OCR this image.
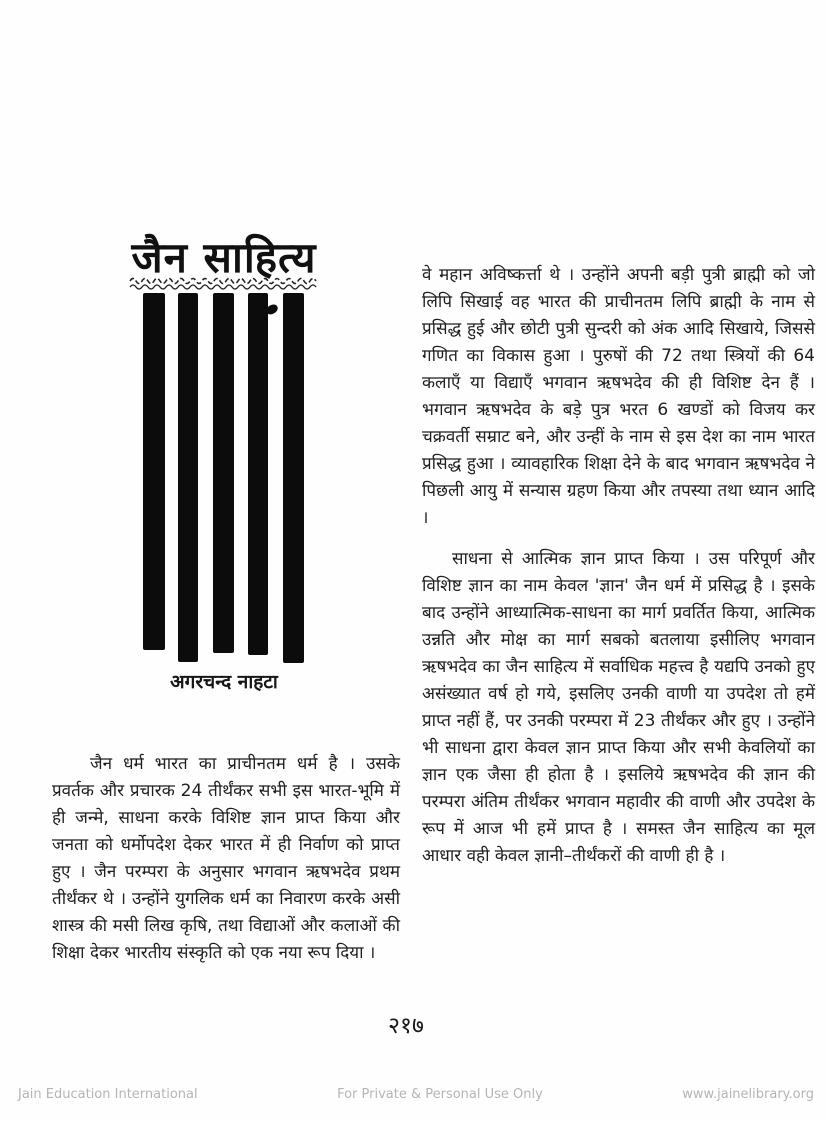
जैन साहित्य
अगरचन्द नाहटा

जैन धर्म भारत का प्राचीनतम धर्म है । उसके प्रवर्तक और प्रचारक 24 तीर्थंकर सभी इस भारत-भूमि में ही जन्मे, साधना करके विशिष्ट ज्ञान प्राप्त किया और जनता को धर्मोपदेश देकर भारत में ही निर्वाण को प्राप्त हुए । जैन परम्परा के अनुसार भगवान ऋषभदेव प्रथम तीर्थंकर थे । उन्होंने युगलिक धर्म का निवारण करके असी शास्त्र की मसी लिख कृषि, तथा विद्याओं और कलाओं की शिक्षा देकर भारतीय संस्कृति को एक नया रूप दिया ।

वे महान अविष्कर्त्ता थे । उन्होंने अपनी बड़ी पुत्री ब्राह्मी को जो लिपि सिखाई वह भारत की प्राचीनतम लिपि ब्राह्मी के नाम से प्रसिद्ध हुई और छोटी पुत्री सुन्दरी को अंक आदि सिखाये, जिससे गणित का विकास हुआ । पुरुषों की 72 तथा स्त्रियों की 64 कलाएँ या विद्याएँ भगवान ऋषभदेव की ही विशिष्ट देन हैं । भगवान ऋषभदेव के बड़े पुत्र भरत 6 खण्डों को विजय कर चक्रवर्ती सम्राट बने, और उन्हीं के नाम से इस देश का नाम भारत प्रसिद्ध हुआ । व्यावहारिक शिक्षा देने के बाद भगवान ऋषभदेव ने पिछली आयु में सन्यास ग्रहण किया और तपस्या तथा ध्यान आदि ।

साधना से आत्मिक ज्ञान प्राप्त किया । उस परिपूर्ण और विशिष्ट ज्ञान का नाम केवल 'ज्ञान' जैन धर्म में प्रसिद्ध है । इसके बाद उन्होंने आध्यात्मिक-साधना का मार्ग प्रवर्तित किया, आत्मिक उन्नति और मोक्ष का मार्ग सबको बतलाया इसीलिए भगवान ऋषभदेव का जैन साहित्य में सर्वाधिक महत्त्व है यद्यपि उनको हुए असंख्यात वर्ष हो गये, इसलिए उनकी वाणी या उपदेश तो हमें प्राप्त नहीं हैं, पर उनकी परम्परा में 23 तीर्थंकर और हुए । उन्होंने भी साधना द्वारा केवल ज्ञान प्राप्त किया और सभी केवलियों का ज्ञान एक जैसा ही होता है । इसलिये ऋषभदेव की ज्ञान की परम्परा अंतिम तीर्थंकर भगवान महावीर की वाणी और उपदेश के रूप में आज भी हमें प्राप्त है । समस्त जैन साहित्य का मूल आधार वही केवल ज्ञानी–तीर्थंकरों की वाणी ही है ।

२१७
Jain Education International	For Private & Personal Use Only	www.jainelibrary.org
